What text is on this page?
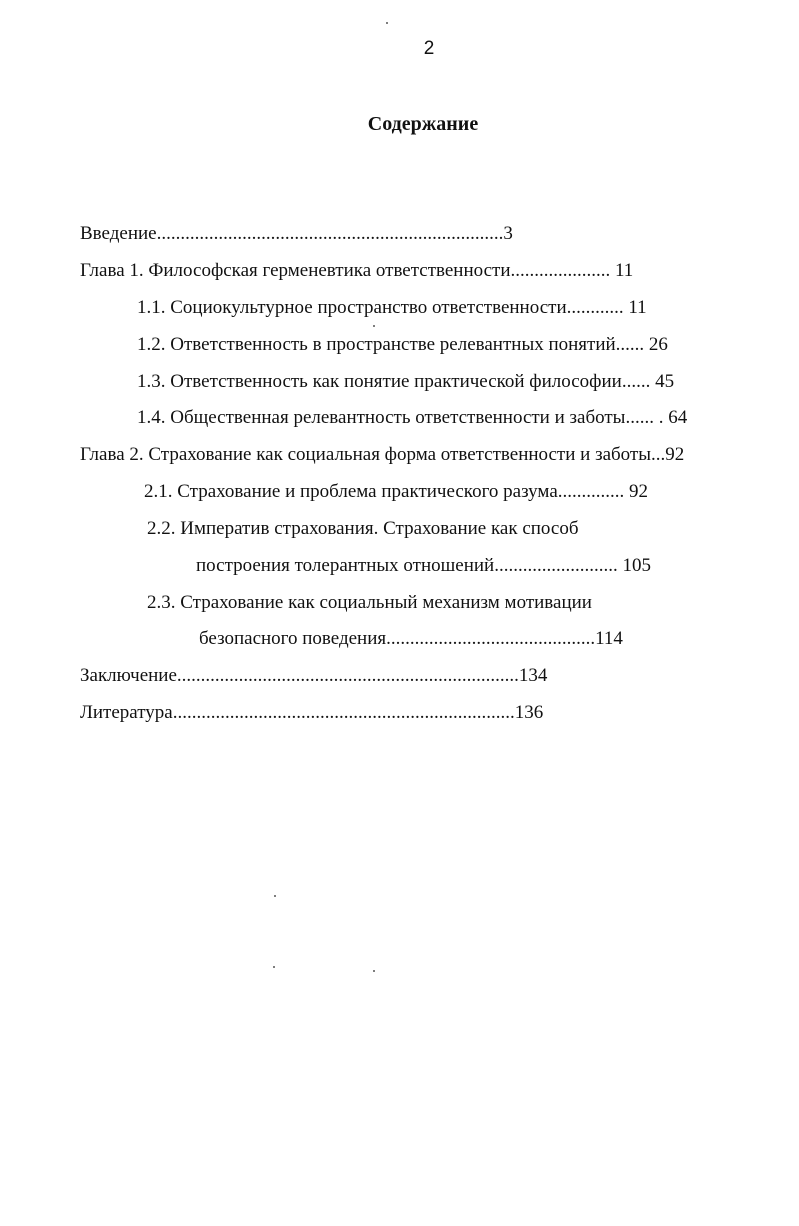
2
Содержание
Введение.........................................................................3
Глава 1. Философская герменевтика ответственности..................... 11
1.1. Социокультурное пространство ответственности............ 11
1.2. Ответственность в пространстве релевантных понятий...... 26
1.3. Ответственность как понятие практической философии...... 45
1.4. Общественная релевантность ответственности и заботы...... . 64
Глава 2. Страхование как социальная форма ответственности и заботы...92
2.1. Страхование и проблема практического разума.............. 92
2.2. Императив страхования. Страхование как способ
построения толерантных отношений.......................... 105
2.3. Страхование как социальный механизм мотивации
безопасного поведения............................................114
Заключение........................................................................134
Литература........................................................................136
